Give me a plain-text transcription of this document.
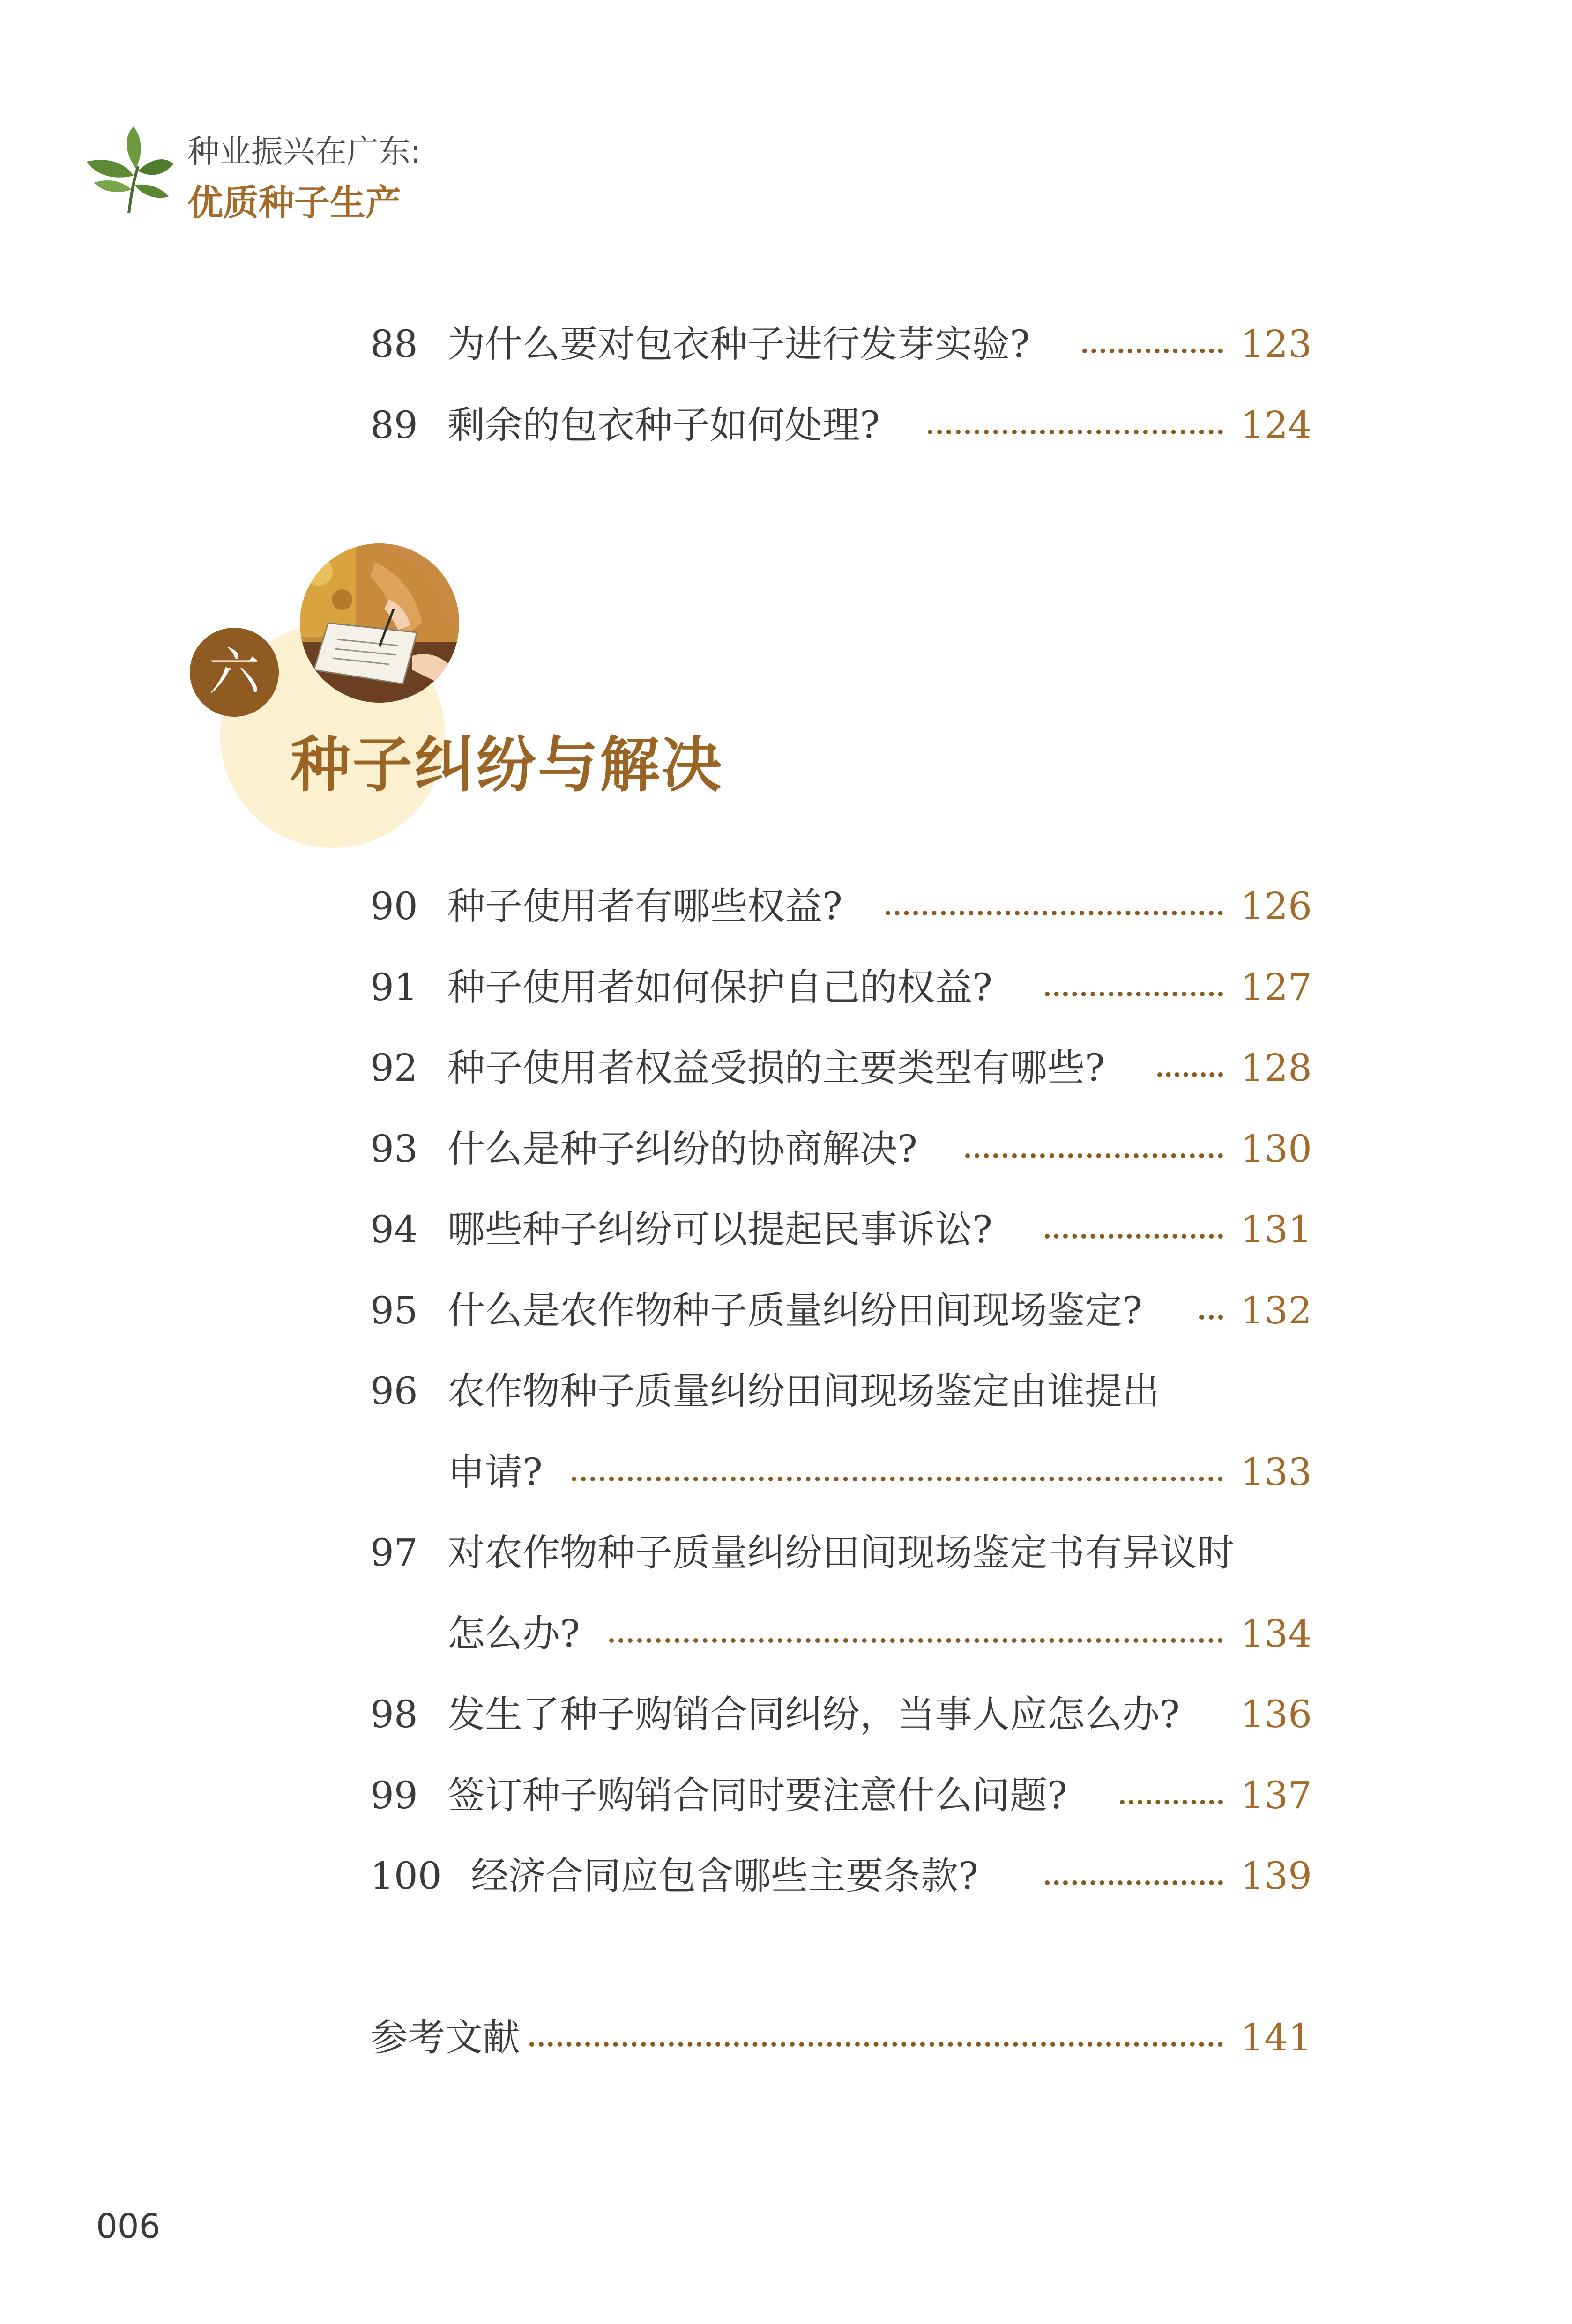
种业振兴在广东:
优质种子生产
88 为什么要对包衣种子进行发芽实验?	123
89 剩余的包衣种子如何处理?	124
六
种子纠纷与解决
90 种子使用者有哪些权益?	126
91 种子使用者如何保护自己的权益?	127
92 种子使用者权益受损的主要类型有哪些?	128
93 什么是种子纠纷的协商解决?	130
94 哪些种子纠纷可以提起民事诉讼?	131
95 什么是农作物种子质量纠纷田间现场鉴定?	132
96 农作物种子质量纠纷田间现场鉴定由谁提出
申请?	133
97 对农作物种子质量纠纷田间现场鉴定书有异议时
怎么办?	134
98 发生了种子购销合同纠纷，当事人应怎么办? 136
99 签订种子购销合同时要注意什么问题?	137
100 经济合同应包含哪些主要条款?	139
参考文献	141
006
